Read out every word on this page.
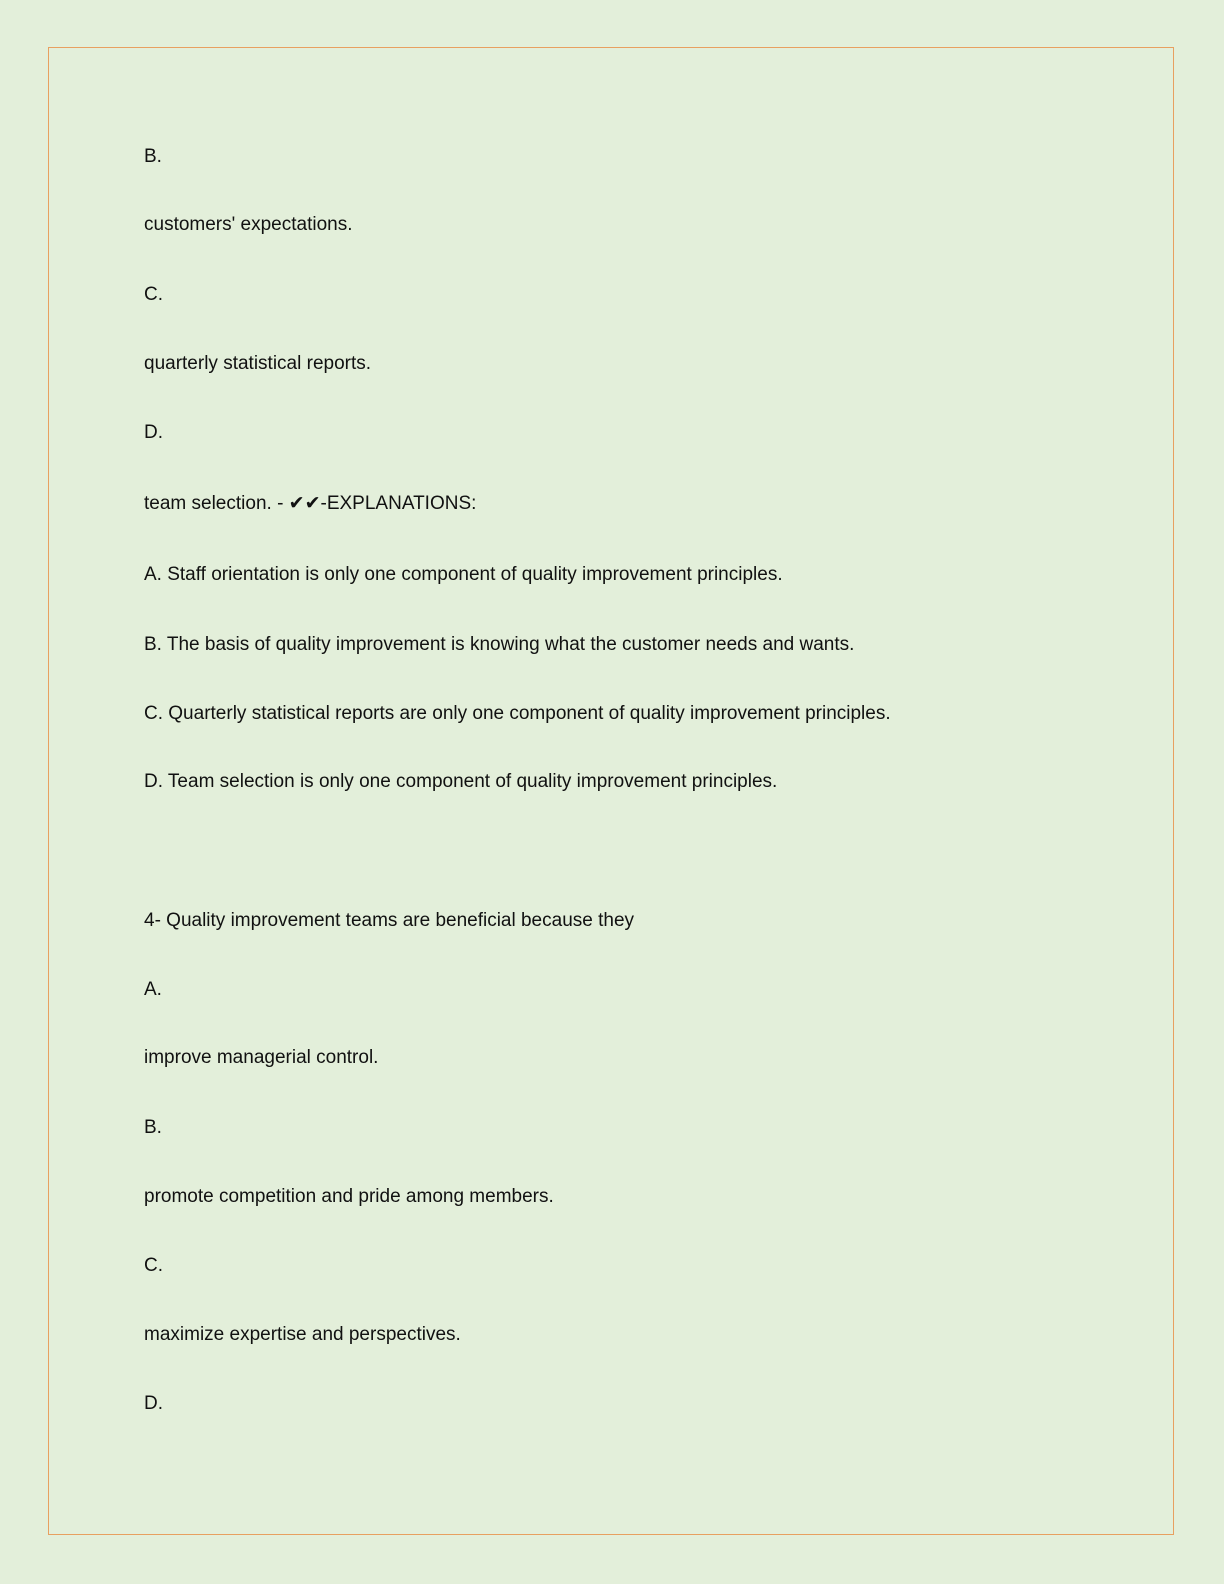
B.

customers' expectations.

C.

quarterly statistical reports.

D.

team selection. - ✔✔-EXPLANATIONS:

A. Staff orientation is only one component of quality improvement principles.

B. The basis of quality improvement is knowing what the customer needs and wants.

C. Quarterly statistical reports are only one component of quality improvement principles.

D. Team selection is only one component of quality improvement principles.

4- Quality improvement teams are beneficial because they

A.

improve managerial control.

B.

promote competition and pride among members.

C.

maximize expertise and perspectives.

D.
